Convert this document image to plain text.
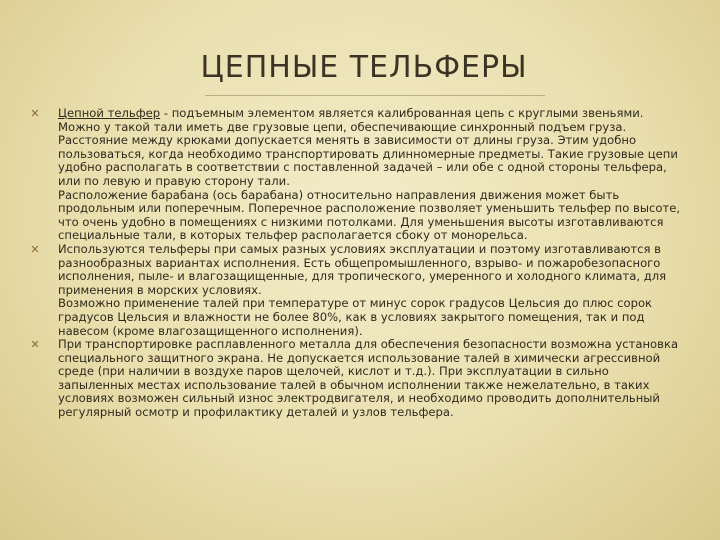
ЦЕПНЫЕ ТЕЛЬФЕРЫ
✕ Цепной тельфер - подъемным элементом является калиброванная цепь с круглыми звеньями. Можно у такой тали иметь две грузовые цепи, обеспечивающие синхронный подъем груза. Расстояние между крюками допускается менять в зависимости от длины груза. Этим удобно пользоваться, когда необходимо транспортировать длинномерные предметы. Такие грузовые цепи удобно располагать в соответствии с поставленной задачей – или обе с одной стороны тельфера, или по левую и правую сторону тали.

Расположение барабана (ось барабана) относительно направления движения может быть продольным или поперечным. Поперечное расположение позволяет уменьшить тельфер по высоте, что очень удобно в помещениях с низкими потолками. Для уменьшения высоты изготавливаются специальные тали, в которых тельфер располагается сбоку от монорельса.

✕ Используются тельферы при самых разных условиях эксплуатации и поэтому изготавливаются в разнообразных вариантах исполнения. Есть общепромышленного, взрыво- и пожаробезопасного исполнения, пыле- и влагозащищенные, для тропического, умеренного и холодного климата, для применения в морских условиях.

Возможно применение талей при температуре от минус сорок градусов Цельсия до плюс сорок градусов Цельсия и влажности не более 80%, как в условиях закрытого помещения, так и под навесом (кроме влагозащищенного исполнения).

✕ При транспортировке расплавленного металла для обеспечения безопасности возможна установка специального защитного экрана. Не допускается использование талей в химически агрессивной среде (при наличии в воздухе паров щелочей, кислот и т.д.). При эксплуатации в сильно запыленных местах использование талей в обычном исполнении также нежелательно, в таких условиях возможен сильный износ электродвигателя, и необходимо проводить дополнительный регулярный осмотр и профилактику деталей и узлов тельфера.
